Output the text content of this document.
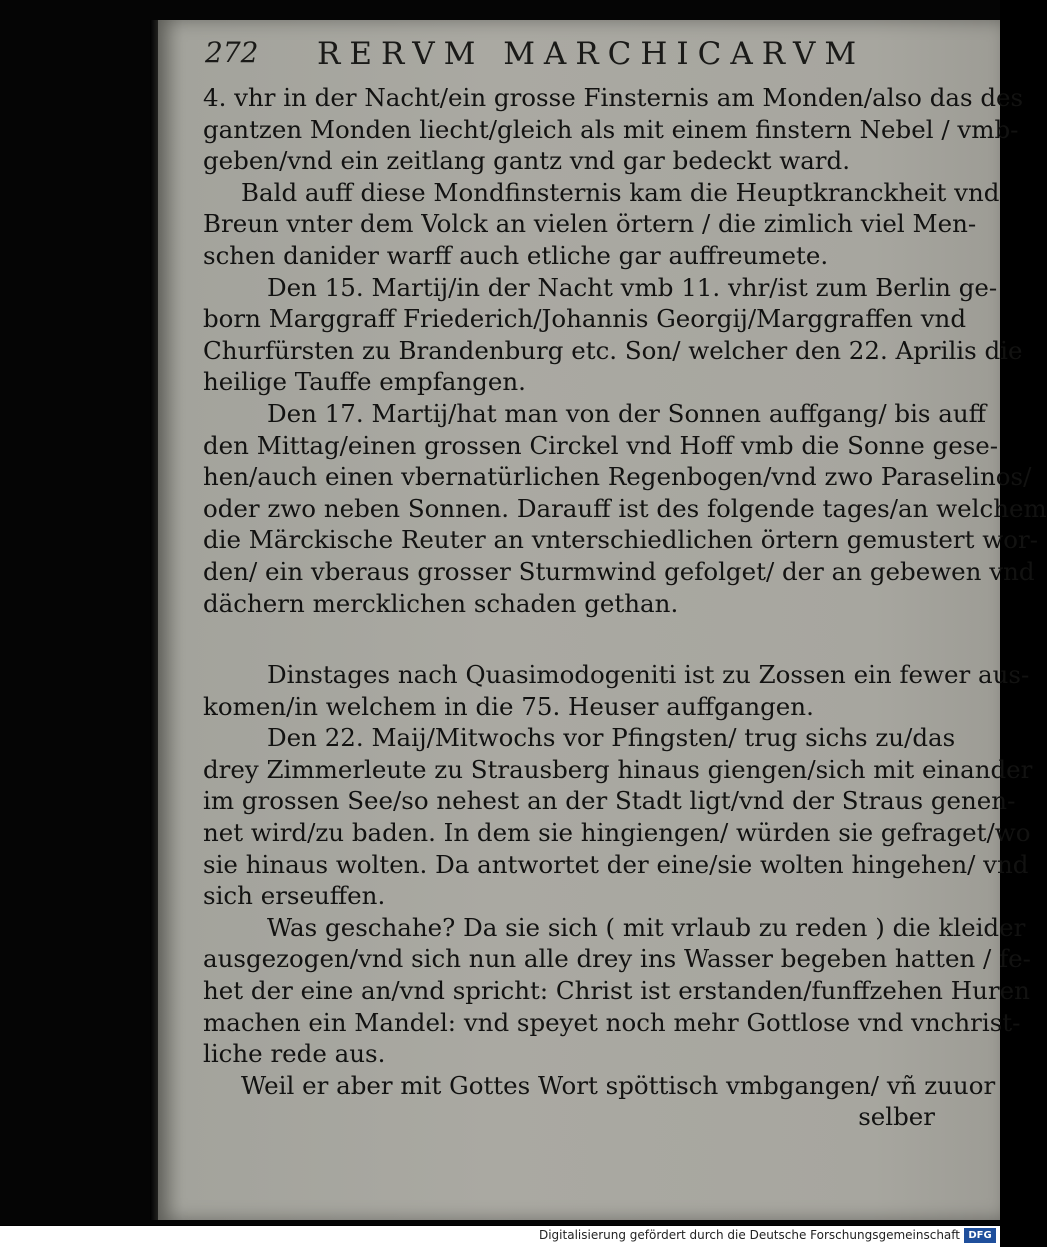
272 RERVM MARCHICARVM
4. vhr in der Nacht/ein grosse Finsternis am Monden/also das des
gantzen Monden liecht/gleich als mit einem finstern Nebel / vmb-
geben/vnd ein zeitlang gantz vnd gar bedeckt ward.
Bald auff diese Mondfinsternis kam die Heuptkranckheit vnd
Breun vnter dem Volck an vielen örtern / die zimlich viel Men-
schen danider warff auch etliche gar auffreumete.
Den 15. Martij/in der Nacht vmb 11. vhr/ist zum Berlin ge-
born Marggraff Friederich/Johannis Georgij/Marggraffen vnd
Churfürsten zu Brandenburg etc. Son/ welcher den 22. Aprilis die
heilige Tauffe empfangen.
Den 17. Martij/hat man von der Sonnen auffgang/ bis auff
den Mittag/einen grossen Circkel vnd Hoff vmb die Sonne gese-
hen/auch einen vbernatürlichen Regenbogen/vnd zwo Paraselinos/
oder zwo neben Sonnen. Darauff ist des folgende tages/an welchem
die Märckische Reuter an vnterschiedlichen örtern gemustert wor-
den/ ein vberaus grosser Sturmwind gefolget/ der an gebewen vnd
dächern mercklichen schaden gethan.
Dinstages nach Quasimodogeniti ist zu Zossen ein fewer aus-
komen/in welchem in die 75. Heuser auffgangen.
Den 22. Maij/Mitwochs vor Pfingsten/ trug sichs zu/das
drey Zimmerleute zu Strausberg hinaus giengen/sich mit einander
im grossen See/so nehest an der Stadt ligt/vnd der Straus genen-
net wird/zu baden. In dem sie hingiengen/ würden sie gefraget/wo
sie hinaus wolten. Da antwortet der eine/sie wolten hingehen/ vnd
sich erseuffen.
Was geschahe? Da sie sich ( mit vrlaub zu reden ) die kleider
ausgezogen/vnd sich nun alle drey ins Wasser begeben hatten / fe-
het der eine an/vnd spricht: Christ ist erstanden/funffzehen Huren
machen ein Mandel: vnd speyet noch mehr Gottlose vnd vnchrist-
liche rede aus.
Weil er aber mit Gottes Wort spöttisch vmbgangen/ vñ zuuor
selber
Digitalisierung gefördert durch die Deutsche Forschungsgemeinschaft DFG
